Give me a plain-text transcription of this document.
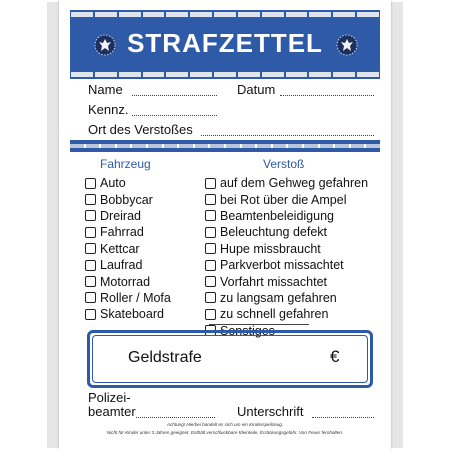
STRAFZETTEL
Name	Datum
Kennz.
Ort des Verstoßes
Fahrzeug	Verstoß
Auto
Bobbycar
Dreirad
Fahrrad
Kettcar
Laufrad
Motorrad
Roller / Mofa
Skateboard
auf dem Gehweg gefahren
bei Rot über die Ampel
Beamtenbeleidigung
Beleuchtung defekt
Hupe missbraucht
Parkverbot missachtet
Vorfahrt missachtet
zu langsam gefahren
zu schnell gefahren
Sonstiges
Geldstrafe	€
Polizei-
beamter	Unterschrift
Achtung! Hierbei handelt es sich um ein Kinderspielzeug.
Nicht für Kinder unter 3 Jahren geeignet. Enthält verschluckbare Kleinteile, Erstickungsgefahr. Von Feuer fernhalten.
